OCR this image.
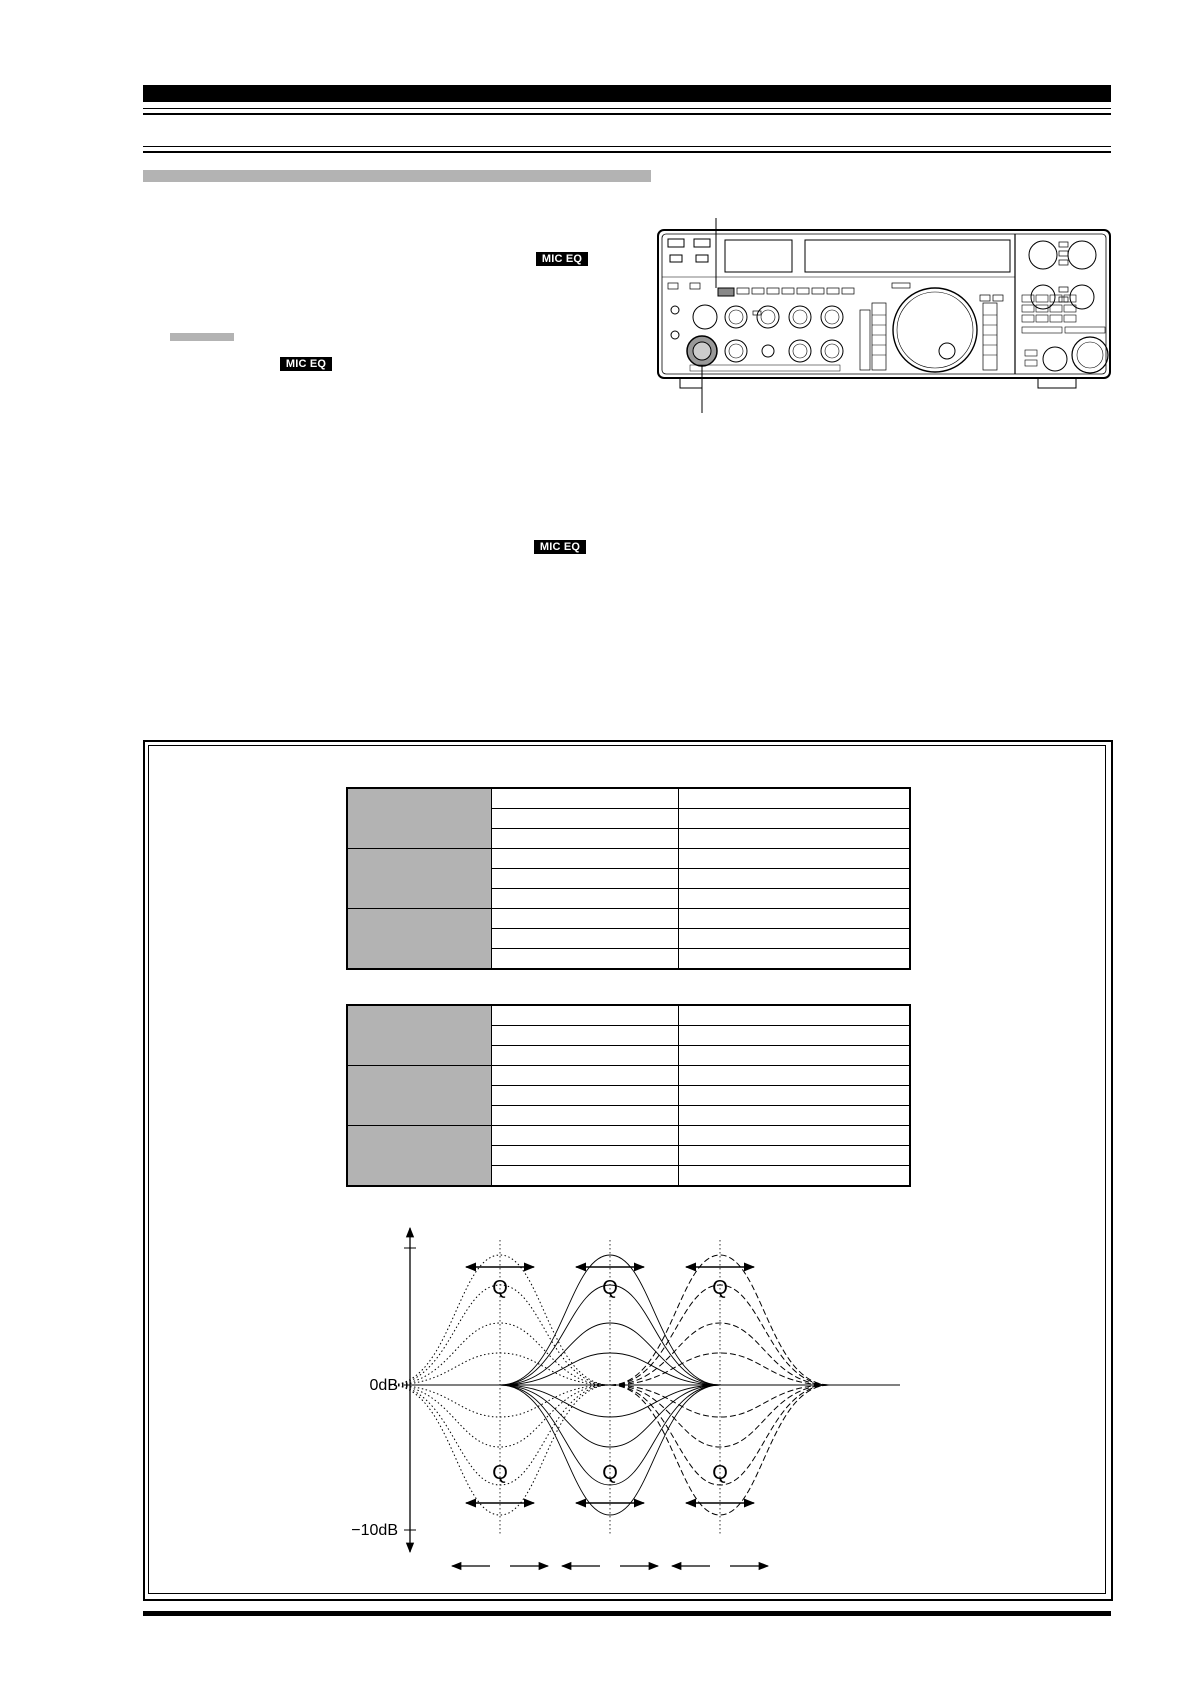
MIC EQ
MIC EQ
MIC EQ

0dB
−10dB
Q
Q
Q
Q
Q
Q
